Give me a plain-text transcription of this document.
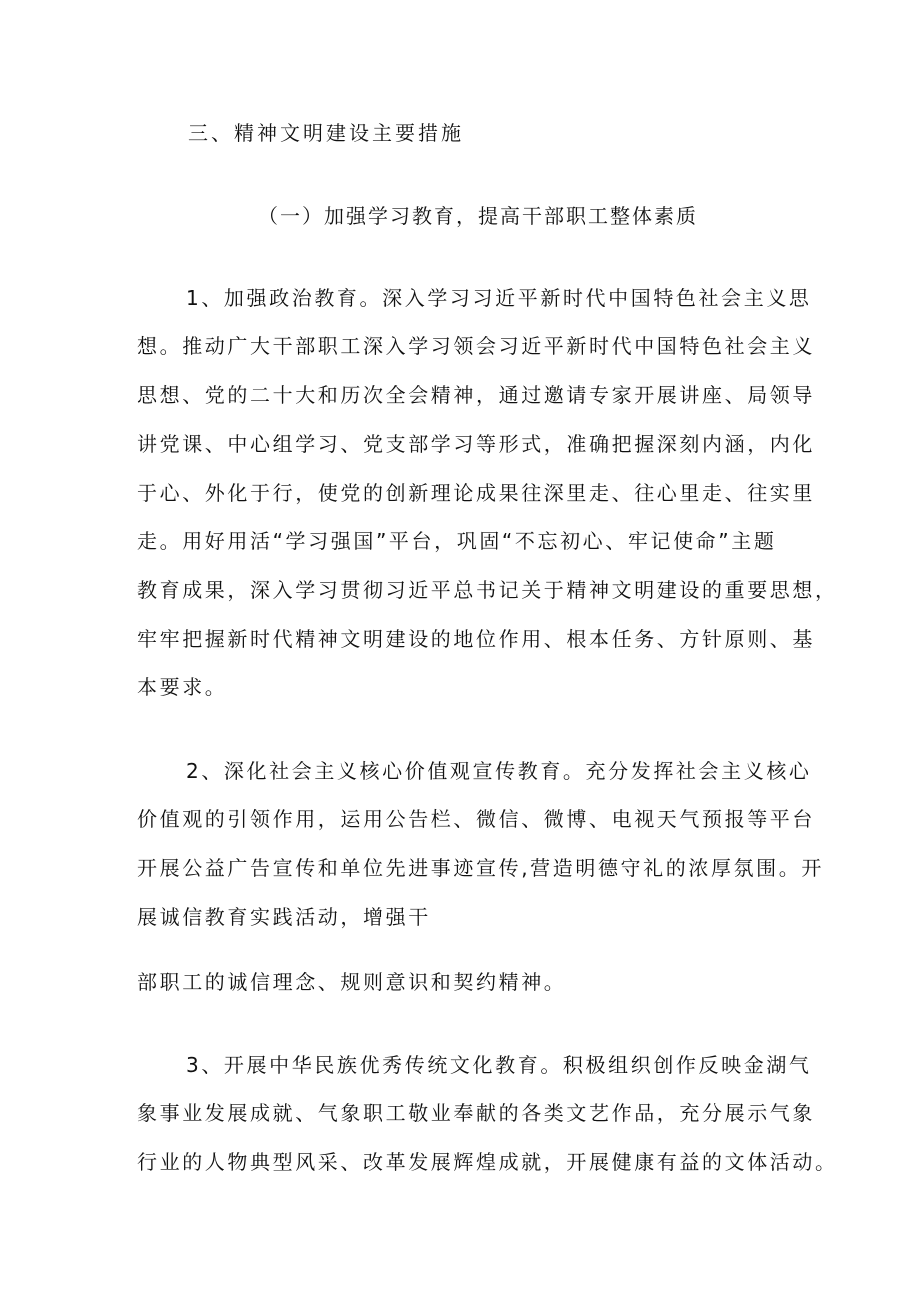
三、精神文明建设主要措施
（一）加强学习教育，提高干部职工整体素质
1、加强政治教育。深入学习习近平新时代中国特色社会主义思
想。推动广大干部职工深入学习领会习近平新时代中国特色社会主义
思想、党的二十大和历次全会精神，通过邀请专家开展讲座、局领导
讲党课、中心组学习、党支部学习等形式，准确把握深刻内涵，内化
于心、外化于行，使党的创新理论成果往深里走、往心里走、往实里
走。用好用活“学习强国”平台，巩固“不忘初心、牢记使命”主题
教育成果，深入学习贯彻习近平总书记关于精神文明建设的重要思想，
牢牢把握新时代精神文明建设的地位作用、根本任务、方针原则、基
本要求。
2、深化社会主义核心价值观宣传教育。充分发挥社会主义核心
价值观的引领作用，运用公告栏、微信、微博、电视天气预报等平台
开展公益广告宣传和单位先进事迹宣传,营造明德守礼的浓厚氛围。开
展诚信教育实践活动，增强干
部职工的诚信理念、规则意识和契约精神。
3、开展中华民族优秀传统文化教育。积极组织创作反映金湖气
象事业发展成就、气象职工敬业奉献的各类文艺作品，充分展示气象
行业的人物典型风采、改革发展辉煌成就，开展健康有益的文体活动。
